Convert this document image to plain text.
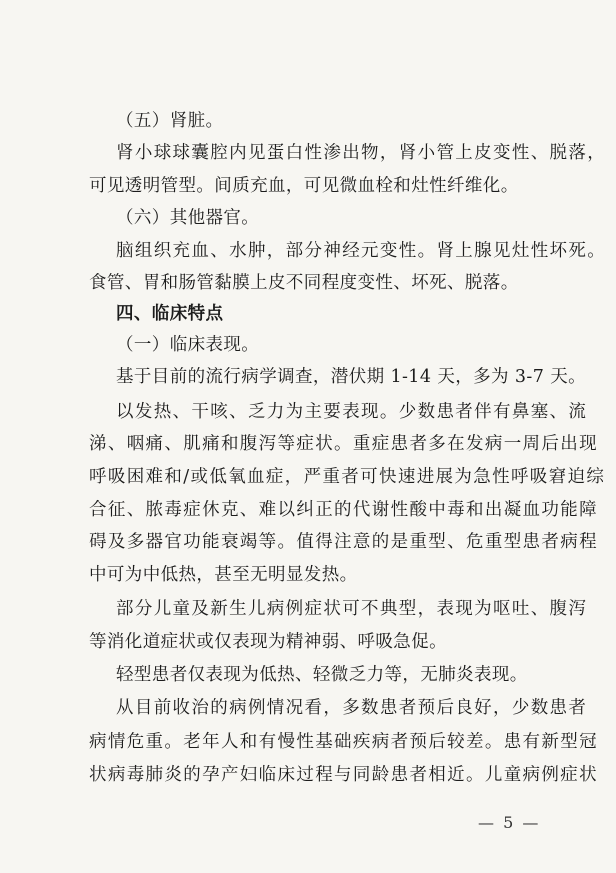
（五）肾脏。
肾小球球囊腔内见蛋白性渗出物，肾小管上皮变性、脱落，
可见透明管型。间质充血，可见微血栓和灶性纤维化。
（六）其他器官。
脑组织充血、水肿，部分神经元变性。肾上腺见灶性坏死。
食管、胃和肠管黏膜上皮不同程度变性、坏死、脱落。
四、临床特点
（一）临床表现。
基于目前的流行病学调查，潜伏期 1-14 天，多为 3-7 天。
以发热、干咳、乏力为主要表现。少数患者伴有鼻塞、流
涕、咽痛、肌痛和腹泻等症状。重症患者多在发病一周后出现
呼吸困难和/或低氧血症，严重者可快速进展为急性呼吸窘迫综
合征、脓毒症休克、难以纠正的代谢性酸中毒和出凝血功能障
碍及多器官功能衰竭等。值得注意的是重型、危重型患者病程
中可为中低热，甚至无明显发热。
部分儿童及新生儿病例症状可不典型，表现为呕吐、腹泻
等消化道症状或仅表现为精神弱、呼吸急促。
轻型患者仅表现为低热、轻微乏力等，无肺炎表现。
从目前收治的病例情况看，多数患者预后良好，少数患者
病情危重。老年人和有慢性基础疾病者预后较差。患有新型冠
状病毒肺炎的孕产妇临床过程与同龄患者相近。儿童病例症状
— 5 —
